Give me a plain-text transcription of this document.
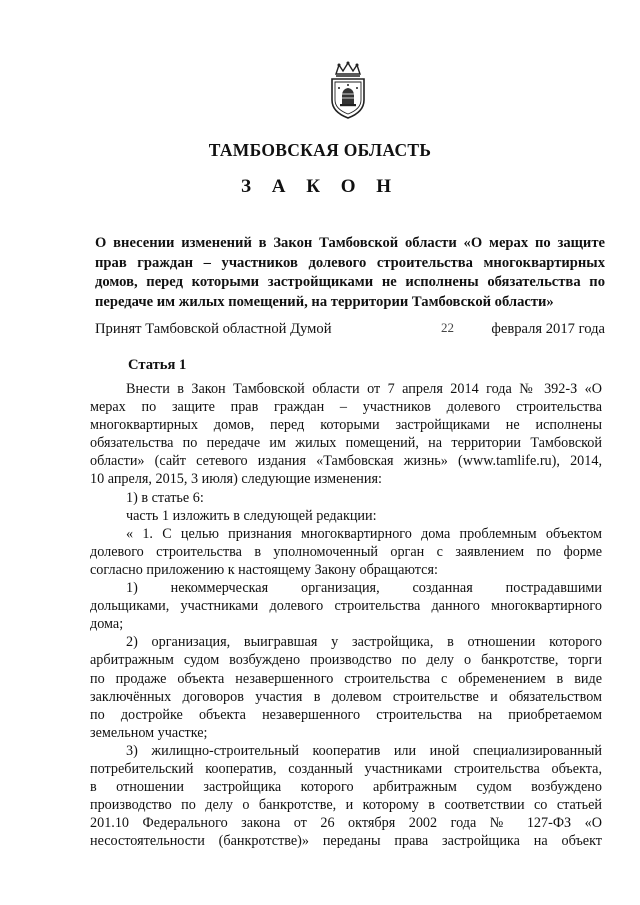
ТАМБОВСКАЯ ОБЛАСТЬ
З А К О Н

О внесении изменений в Закон Тамбовской области «О мерах по защите

прав граждан – участников долевого строительства многоквартирных

домов, перед которыми застройщиками не исполнены обязательства по

передаче им жилых помещений, на территории Тамбовской области»

Принят Тамбовской областной Думой	22	февраля 2017 года
Статья 1

Внести в Закон Тамбовской области от 7 апреля 2014 года № 392-З «О

мерах по защите прав граждан – участников долевого строительства

многоквартирных домов, перед которыми застройщиками не исполнены

обязательства по передаче им жилых помещений, на территории Тамбовской

области» (сайт сетевого издания «Тамбовская жизнь» (www.tamlife.ru), 2014,

10 апреля, 2015, 3 июля) следующие изменения:

1) в статье 6:

часть 1 изложить в следующей редакции:

« 1. С целью признания многоквартирного дома проблемным объектом

долевого строительства в уполномоченный орган с заявлением по форме

согласно приложению к настоящему Закону обращаются:

1) некоммерческая организация, созданная пострадавшими

дольщиками, участниками долевого строительства данного многоквартирного

дома;

2) организация, выигравшая у застройщика, в отношении которого

арбитражным судом возбуждено производство по делу о банкротстве, торги

по продаже объекта незавершенного строительства с обременением в виде

заключённых договоров участия в долевом строительстве и обязательством

по достройке объекта незавершенного строительства на приобретаемом

земельном участке;

3) жилищно-строительный кооператив или иной специализированный

потребительский кооператив, созданный участниками строительства объекта,

в отношении застройщика которого арбитражным судом возбуждено

производство по делу о банкротстве, и которому в соответствии со статьей

201.10 Федерального закона от 26 октября 2002 года № 127-ФЗ «О

несостоятельности (банкротстве)» переданы права застройщика на объект
